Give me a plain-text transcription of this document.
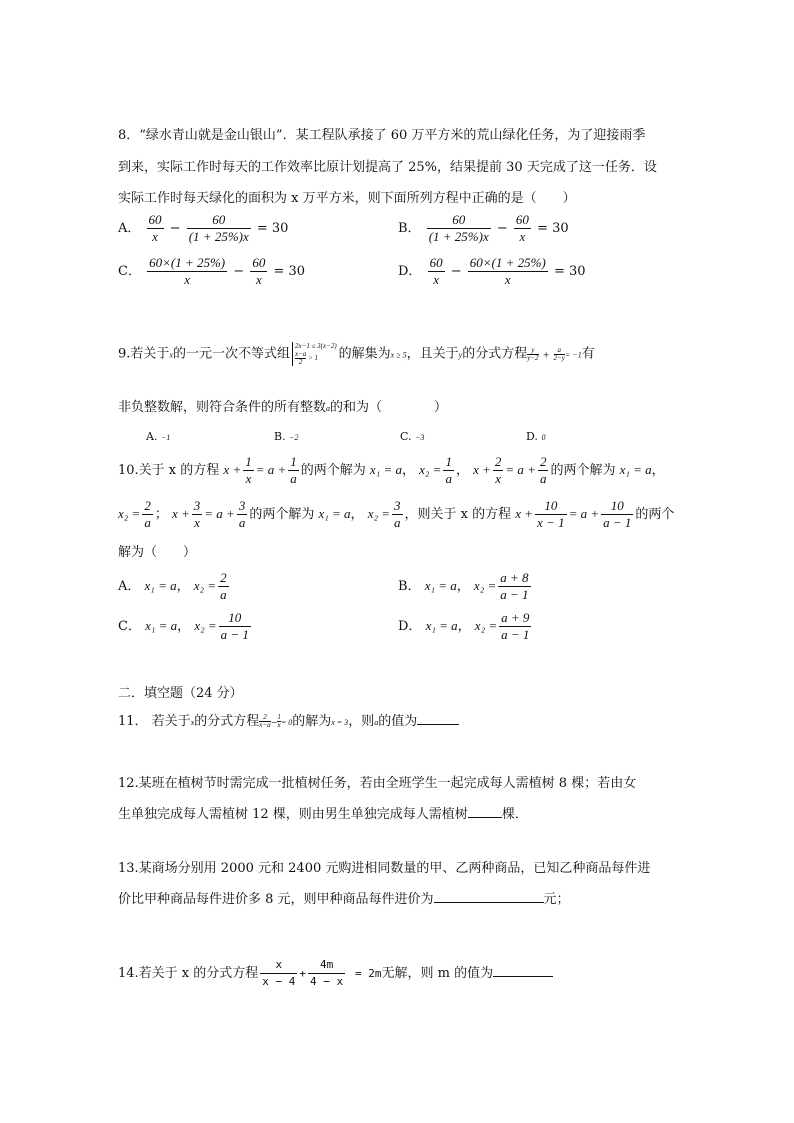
8．“绿水青山就是金山银山”．某工程队承接了 60 万平方米的荒山绿化任务，为了迎接雨季
到来，实际工作时每天的工作效率比原计划提高了 25%，结果提前 30 天完成了这一任务．设
实际工作时每天绿化的面积为 x 万平方米，则下面所列方程中正确的是（　　）
A． $\frac{60}{x} - \frac{60}{(1 + 25\%)x} = 30$	B． $\frac{60}{(1 + 25\%)x} - \frac{60}{x} = 30$
C． $\frac{60\times(1 + 25\%)}{x} - \frac{60}{x} = 30$	D． $\frac{60}{x} - \frac{60\times(1 + 25\%)}{x} = 30$
9.若关于x的一元一次不等式组
2x−1 ≤ 3(x−2)
$\frac{x-a}{2} > 1$	的解集为x ≥ 5，且关于y的分式方程 $\frac{y}{y-2} + \frac{a}{2-y} = -1$有
非负整数解，则符合条件的所有整数a的和为（　　　　）
A. −1	B. −2	C. −3	D. 0
10.关于 x 的方程 $x + \frac{1}{x} = a + \frac{1}{a}$ 的两个解为 x₁ = a， $x_2 = \frac{1}{a}$ ， $x + \frac{2}{x} = a + \frac{2}{a}$ 的两个解为 x₁ = a，
$x_2 = \frac{2}{a}$ ； $x + \frac{3}{x} = a + \frac{3}{a}$ 的两个解为 x₁ = a， $x_2 = \frac{3}{a}$ ，则关于 x 的方程 $x + \frac{10}{x - 1} = a + \frac{10}{a - 1}$ 的两个
解为（　　）
A． x₁ = a， $x_2 = \frac{2}{a}$	B． x₁ = a， $x_2 = \frac{a + 8}{a - 1}$
C． x₁ = a， $x_2 = \frac{10}{a - 1}$	D． x₁ = a， $x_2 = \frac{a + 9}{a - 1}$
二．填空题（24 分）
11． 若关于x的分式方程 $\frac{2}{x-a} - \frac{1}{x} = 0$的解为x = 3，则a的值为
12.某班在植树节时需完成一批植树任务，若由全班学生一起完成每人需植树 8 棵；若由女
生单独完成每人需植树 12 棵，则由男生单独完成每人需植树	棵．
13.某商场分别用 2000 元和 2400 元购进相同数量的甲、乙两种商品，已知乙种商品每件进
价比甲种商品每件进价多 8 元，则甲种商品每件进价为	元；
14.若关于 x 的分式方程 $\frac{x}{x - 4} + \frac{4m}{4 - x} = 2m$无解，则 m 的值为
